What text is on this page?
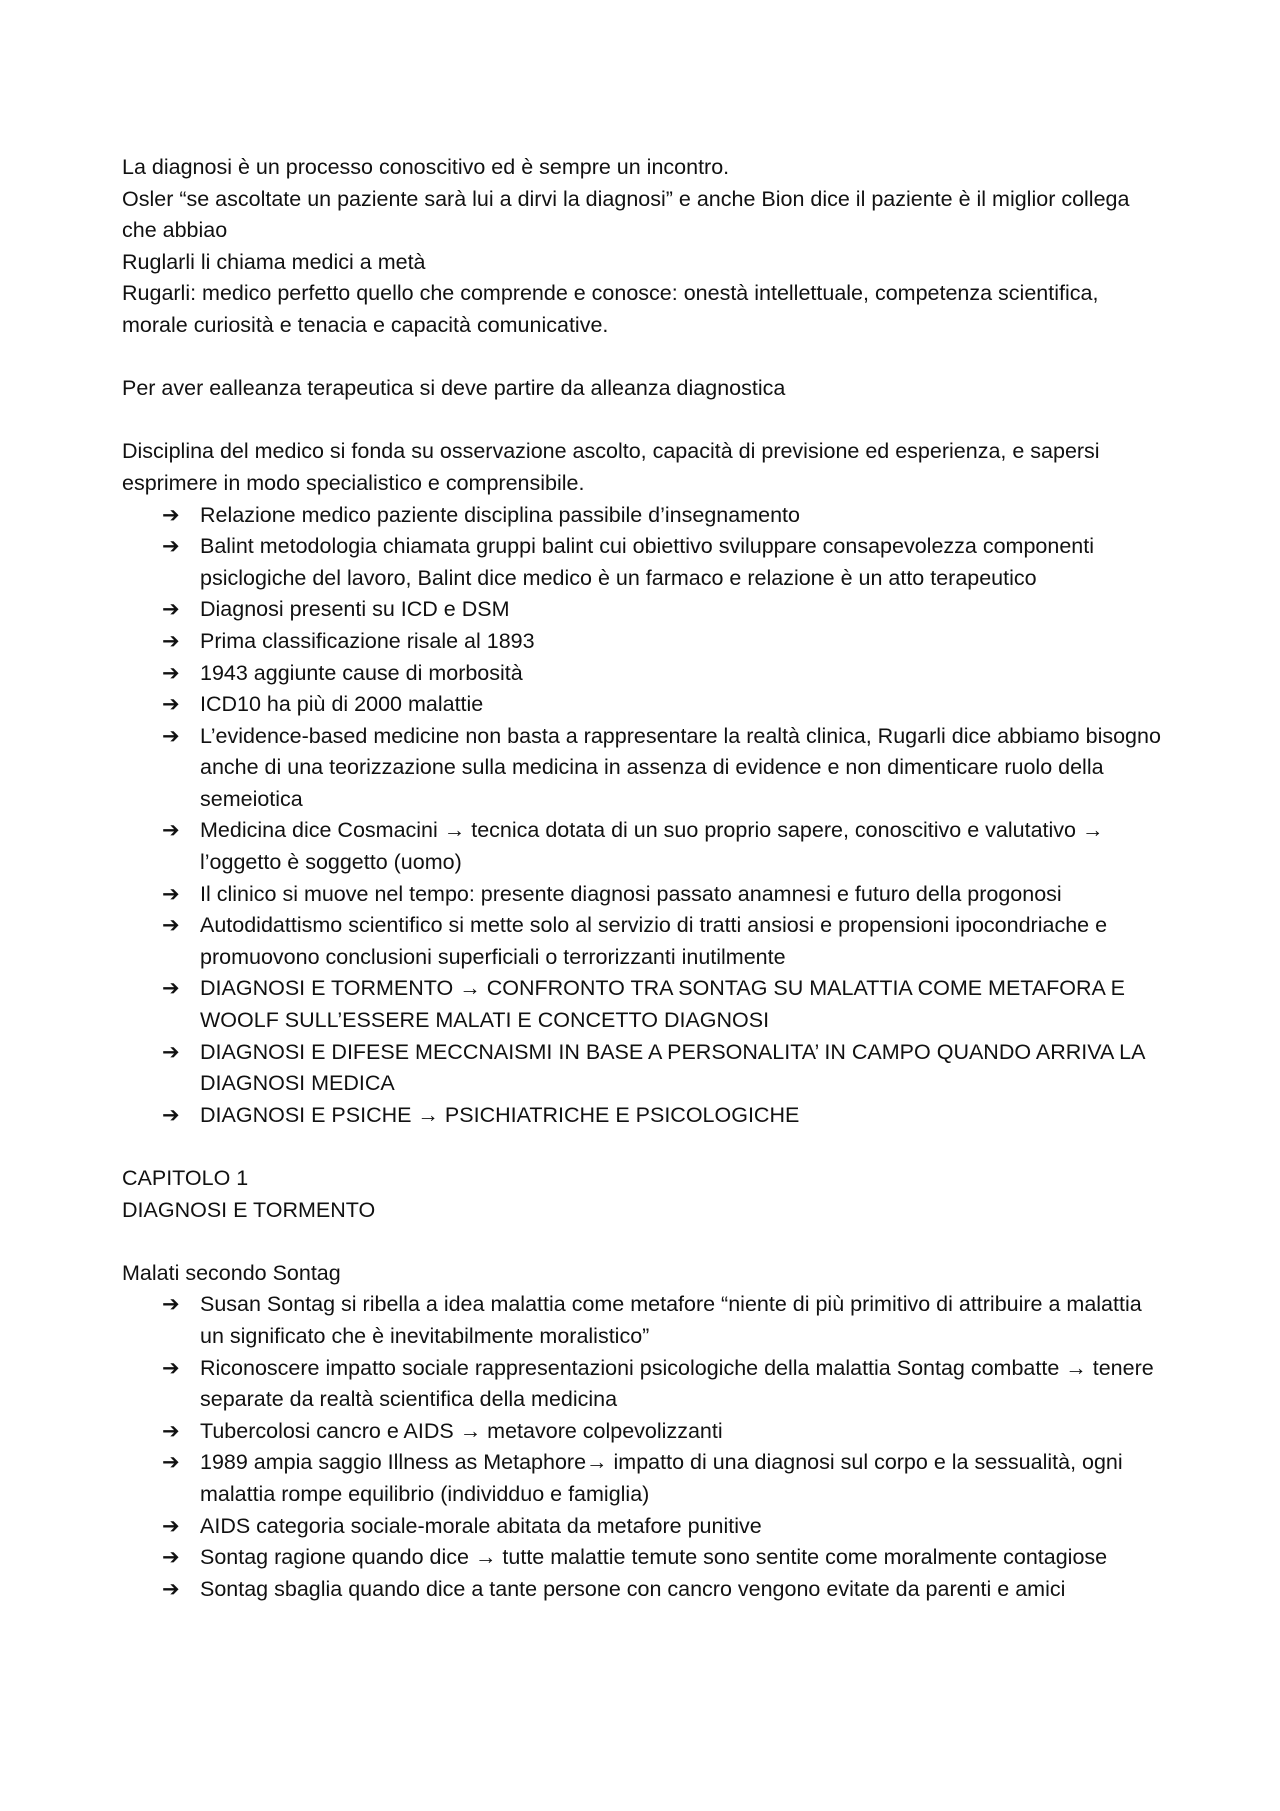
La diagnosi è un processo conoscitivo ed è sempre un incontro.

Osler “se ascoltate un paziente sarà lui a dirvi la diagnosi” e anche Bion dice il paziente è il miglior collega che abbiao

Ruglarli li chiama medici a metà

Rugarli: medico perfetto quello che comprende e conosce: onestà intellettuale, competenza scientifica, morale curiosità e tenacia e capacità comunicative.

Per aver ealleanza terapeutica si deve partire da alleanza diagnostica

Disciplina del medico si fonda su osservazione ascolto, capacità di previsione ed esperienza, e sapersi esprimere in modo specialistico e comprensibile.

➔ Relazione medico paziente disciplina passibile d’insegnamento
➔ Balint metodologia chiamata gruppi balint cui obiettivo sviluppare consapevolezza componenti psiclogiche del lavoro, Balint dice medico è un farmaco e relazione è un atto terapeutico
➔ Diagnosi presenti su ICD e DSM
➔ Prima classificazione risale al 1893
➔ 1943 aggiunte cause di morbosità
➔ ICD10 ha più di 2000 malattie
➔ L’evidence-based medicine non basta a rappresentare la realtà clinica, Rugarli dice abbiamo bisogno anche di una teorizzazione sulla medicina in assenza di evidence e non dimenticare ruolo della semeiotica
➔ Medicina dice Cosmacini → tecnica dotata di un suo proprio sapere, conoscitivo e valutativo → l’oggetto è soggetto (uomo)
➔ Il clinico si muove nel tempo: presente diagnosi passato anamnesi e futuro della progonosi
➔ Autodidattismo scientifico si mette solo al servizio di tratti ansiosi e propensioni ipocondriache e promuovono conclusioni superficiali o terrorizzanti inutilmente
➔ DIAGNOSI E TORMENTO → CONFRONTO TRA SONTAG SU MALATTIA COME METAFORA E WOOLF SULL’ESSERE MALATI E CONCETTO DIAGNOSI
➔ DIAGNOSI E DIFESE MECCNAISMI IN BASE A PERSONALITA’ IN CAMPO QUANDO ARRIVA LA DIAGNOSI MEDICA
➔ DIAGNOSI E PSICHE → PSICHIATRICHE E PSICOLOGICHE

CAPITOLO 1

DIAGNOSI E TORMENTO

Malati secondo Sontag

➔ Susan Sontag si ribella a idea malattia come metafore “niente di più primitivo di attribuire a malattia un significato che è inevitabilmente moralistico”
➔ Riconoscere impatto sociale rappresentazioni psicologiche della malattia Sontag combatte → tenere separate da realtà scientifica della medicina
➔ Tubercolosi cancro e AIDS → metavore colpevolizzanti
➔ 1989 ampia saggio Illness as Metaphore→ impatto di una diagnosi sul corpo e la sessualità, ogni malattia rompe equilibrio (individduo e famiglia)
➔ AIDS categoria sociale-morale abitata da metafore punitive
➔ Sontag ragione quando dice → tutte malattie temute sono sentite come moralmente contagiose
➔ Sontag sbaglia quando dice a tante persone con cancro vengono evitate da parenti e amici
